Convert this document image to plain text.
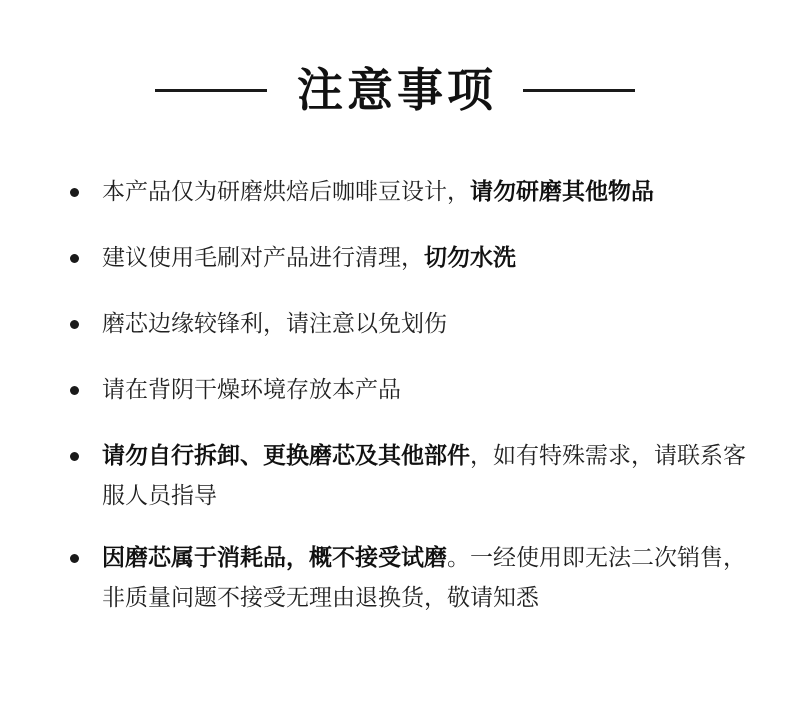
注意事项
本产品仅为研磨烘焙后咖啡豆设计，请勿研磨其他物品
建议使用毛刷对产品进行清理，切勿水洗
磨芯边缘较锋利，请注意以免划伤
请在背阴干燥环境存放本产品
请勿自行拆卸、更换磨芯及其他部件，如有特殊需求，请联系客服人员指导
因磨芯属于消耗品，概不接受试磨。一经使用即无法二次销售，非质量问题不接受无理由退换货，敬请知悉
